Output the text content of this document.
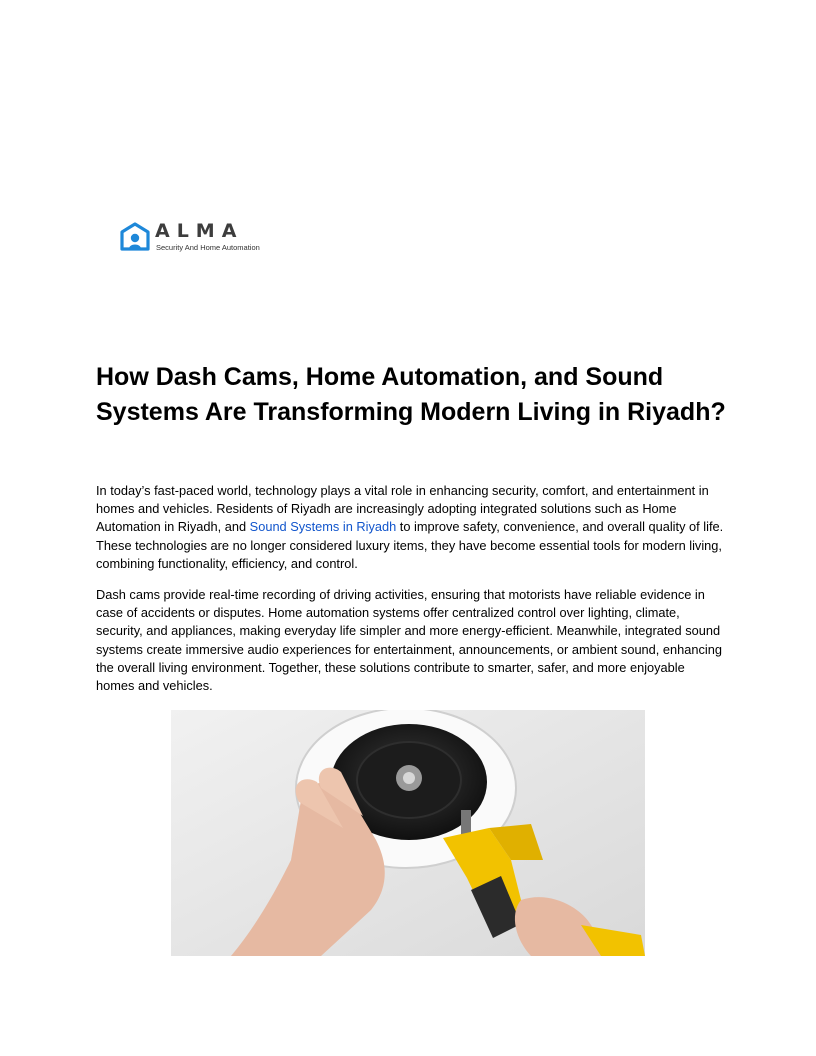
ALMA
Security And Home Automation
How Dash Cams, Home Automation, and Sound Systems Are Transforming Modern Living in Riyadh?

In today’s fast-paced world, technology plays a vital role in enhancing security, comfort, and entertainment in homes and vehicles. Residents of Riyadh are increasingly adopting integrated solutions such as Home Automation in Riyadh, and Sound Systems in Riyadh to improve safety, convenience, and overall quality of life. These technologies are no longer considered luxury items, they have become essential tools for modern living, combining functionality, efficiency, and control.

Dash cams provide real-time recording of driving activities, ensuring that motorists have reliable evidence in case of accidents or disputes. Home automation systems offer centralized control over lighting, climate, security, and appliances, making everyday life simpler and more energy-efficient. Meanwhile, integrated sound systems create immersive audio experiences for entertainment, announcements, or ambient sound, enhancing the overall living environment. Together, these solutions contribute to smarter, safer, and more enjoyable homes and vehicles.
